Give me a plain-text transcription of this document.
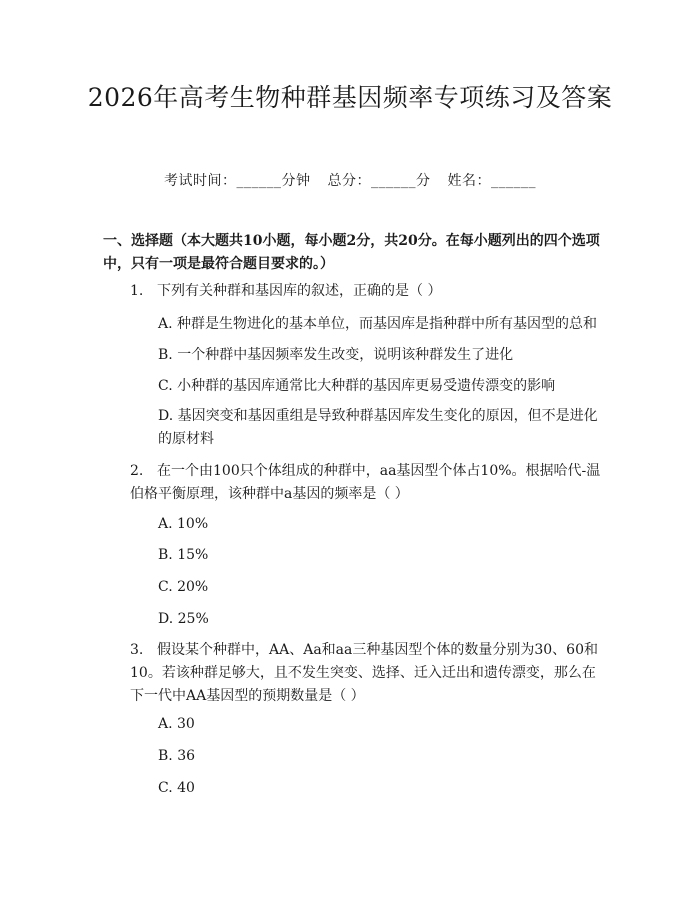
2026年高考生物种群基因频率专项练习及答案
考试时间：______分钟 总分：______分 姓名：______
一、选择题（本大题共10小题，每小题2分，共20分。在每小题列出的四个选项中，只有一项是最符合题目要求的。）
1. 下列有关种群和基因库的叙述，正确的是（ ）
A. 种群是生物进化的基本单位，而基因库是指种群中所有基因型的总和
B. 一个种群中基因频率发生改变，说明该种群发生了进化
C. 小种群的基因库通常比大种群的基因库更易受遗传漂变的影响
D. 基因突变和基因重组是导致种群基因库发生变化的原因，但不是进化的原材料
2. 在一个由100只个体组成的种群中，aa基因型个体占10%。根据哈代-温伯格平衡原理，该种群中a基因的频率是（ ）
A. 10%
B. 15%
C. 20%
D. 25%
3. 假设某个种群中，AA、Aa和aa三种基因型个体的数量分别为30、60和10。若该种群足够大，且不发生突变、选择、迁入迁出和遗传漂变，那么在下一代中AA基因型的预期数量是（ ）
A. 30
B. 36
C. 40
